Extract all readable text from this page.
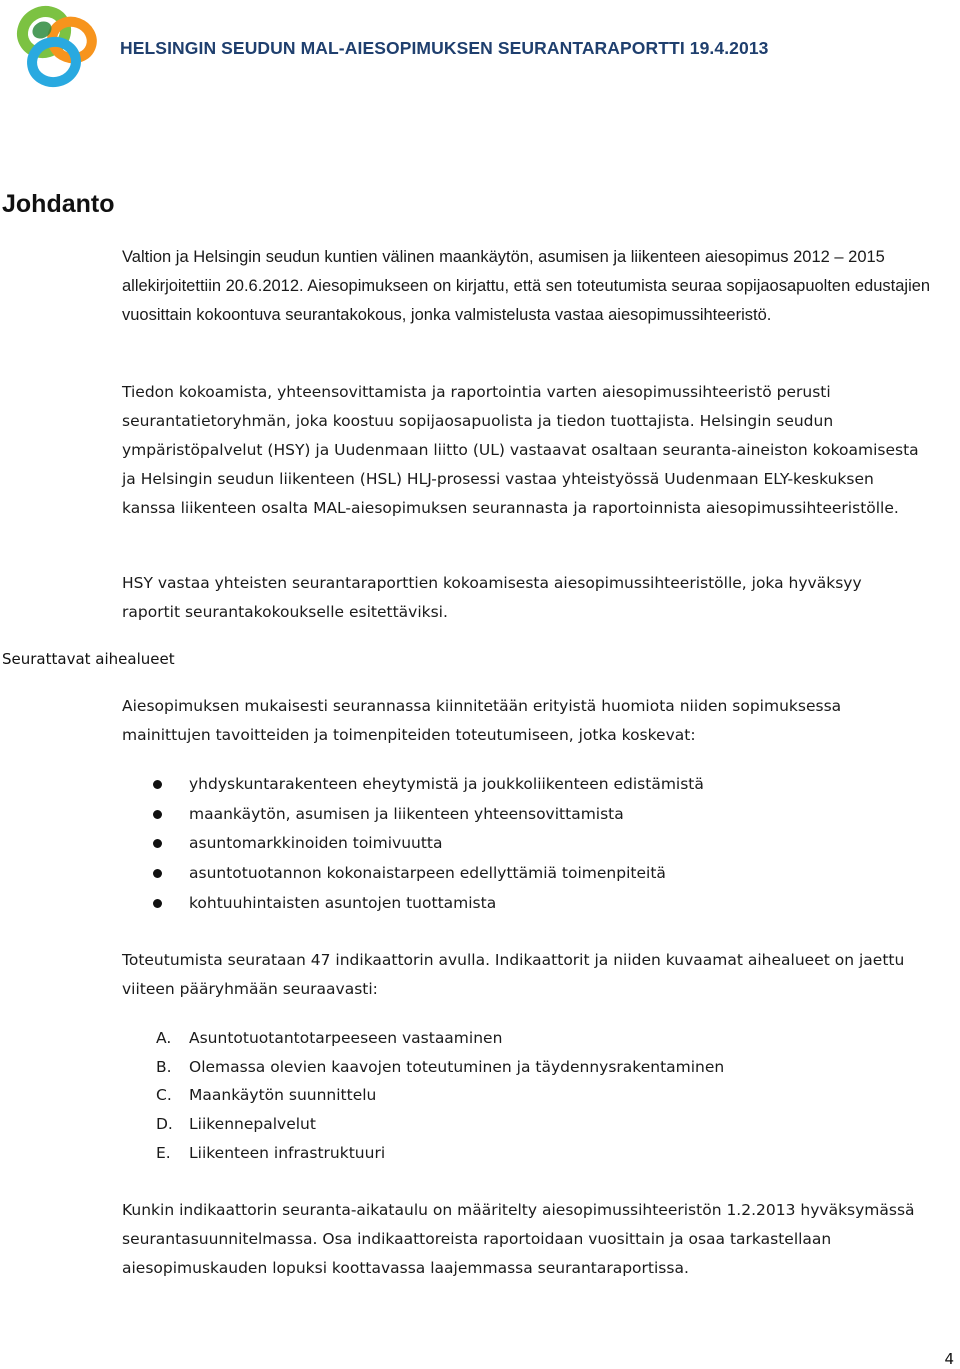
HELSINGIN SEUDUN MAL-AIESOPIMUKSEN SEURANTARAPORTTI 19.4.2013
Johdanto
Seurattavat aihealueet

Valtion ja Helsingin seudun kuntien välinen maankäytön, asumisen ja liikenteen aiesopimus 2012 – 2015 allekirjoitettiin 20.6.2012. Aiesopimukseen on kirjattu, että sen toteutumista seuraa sopijaosapuolten edustajien vuosittain kokoontuva seurantakokous, jonka valmistelusta vastaa aiesopimussihteeristö.

Tiedon kokoamista, yhteensovittamista ja raportointia varten aiesopimussihteeristö perusti seurantatietoryhmän, joka koostuu sopijaosapuolista ja tiedon tuottajista. Helsingin seudun ympäristöpalvelut (HSY) ja Uudenmaan liitto (UL) vastaavat osaltaan seuranta-aineiston kokoamisesta ja Helsingin seudun liikenteen (HSL) HLJ-prosessi vastaa yhteistyössä Uudenmaan ELY-keskuksen kanssa liikenteen osalta MAL-aiesopimuksen seurannasta ja raportoinnista aiesopimussihteeristölle.

HSY vastaa yhteisten seurantaraporttien kokoamisesta aiesopimussihteeristölle, joka hyväksyy raportit seurantakokoukselle esitettäviksi.

Aiesopimuksen mukaisesti seurannassa kiinnitetään erityistä huomiota niiden sopimuksessa mainittujen tavoitteiden ja toimenpiteiden toteutumiseen, jotka koskevat:

yhdyskuntarakenteen eheytymistä ja joukkoliikenteen edistämistä
maankäytön, asumisen ja liikenteen yhteensovittamista
asuntomarkkinoiden toimivuutta
asuntotuotannon kokonaistarpeen edellyttämiä toimenpiteitä
kohtuuhintaisten asuntojen tuottamista

Toteutumista seurataan 47 indikaattorin avulla. Indikaattorit ja niiden kuvaamat aihealueet on jaettu viiteen pääryhmään seuraavasti:

A. Asuntotuotantotarpeeseen vastaaminen
B. Olemassa olevien kaavojen toteutuminen ja täydennysrakentaminen
C. Maankäytön suunnittelu
D. Liikennepalvelut
E. Liikenteen infrastruktuuri

Kunkin indikaattorin seuranta-aikataulu on määritelty aiesopimussihteeristön 1.2.2013 hyväksymässä seurantasuunnitelmassa. Osa indikaattoreista raportoidaan vuosittain ja osaa tarkastellaan aiesopimuskauden lopuksi koottavassa laajemmassa seurantaraportissa.

4
